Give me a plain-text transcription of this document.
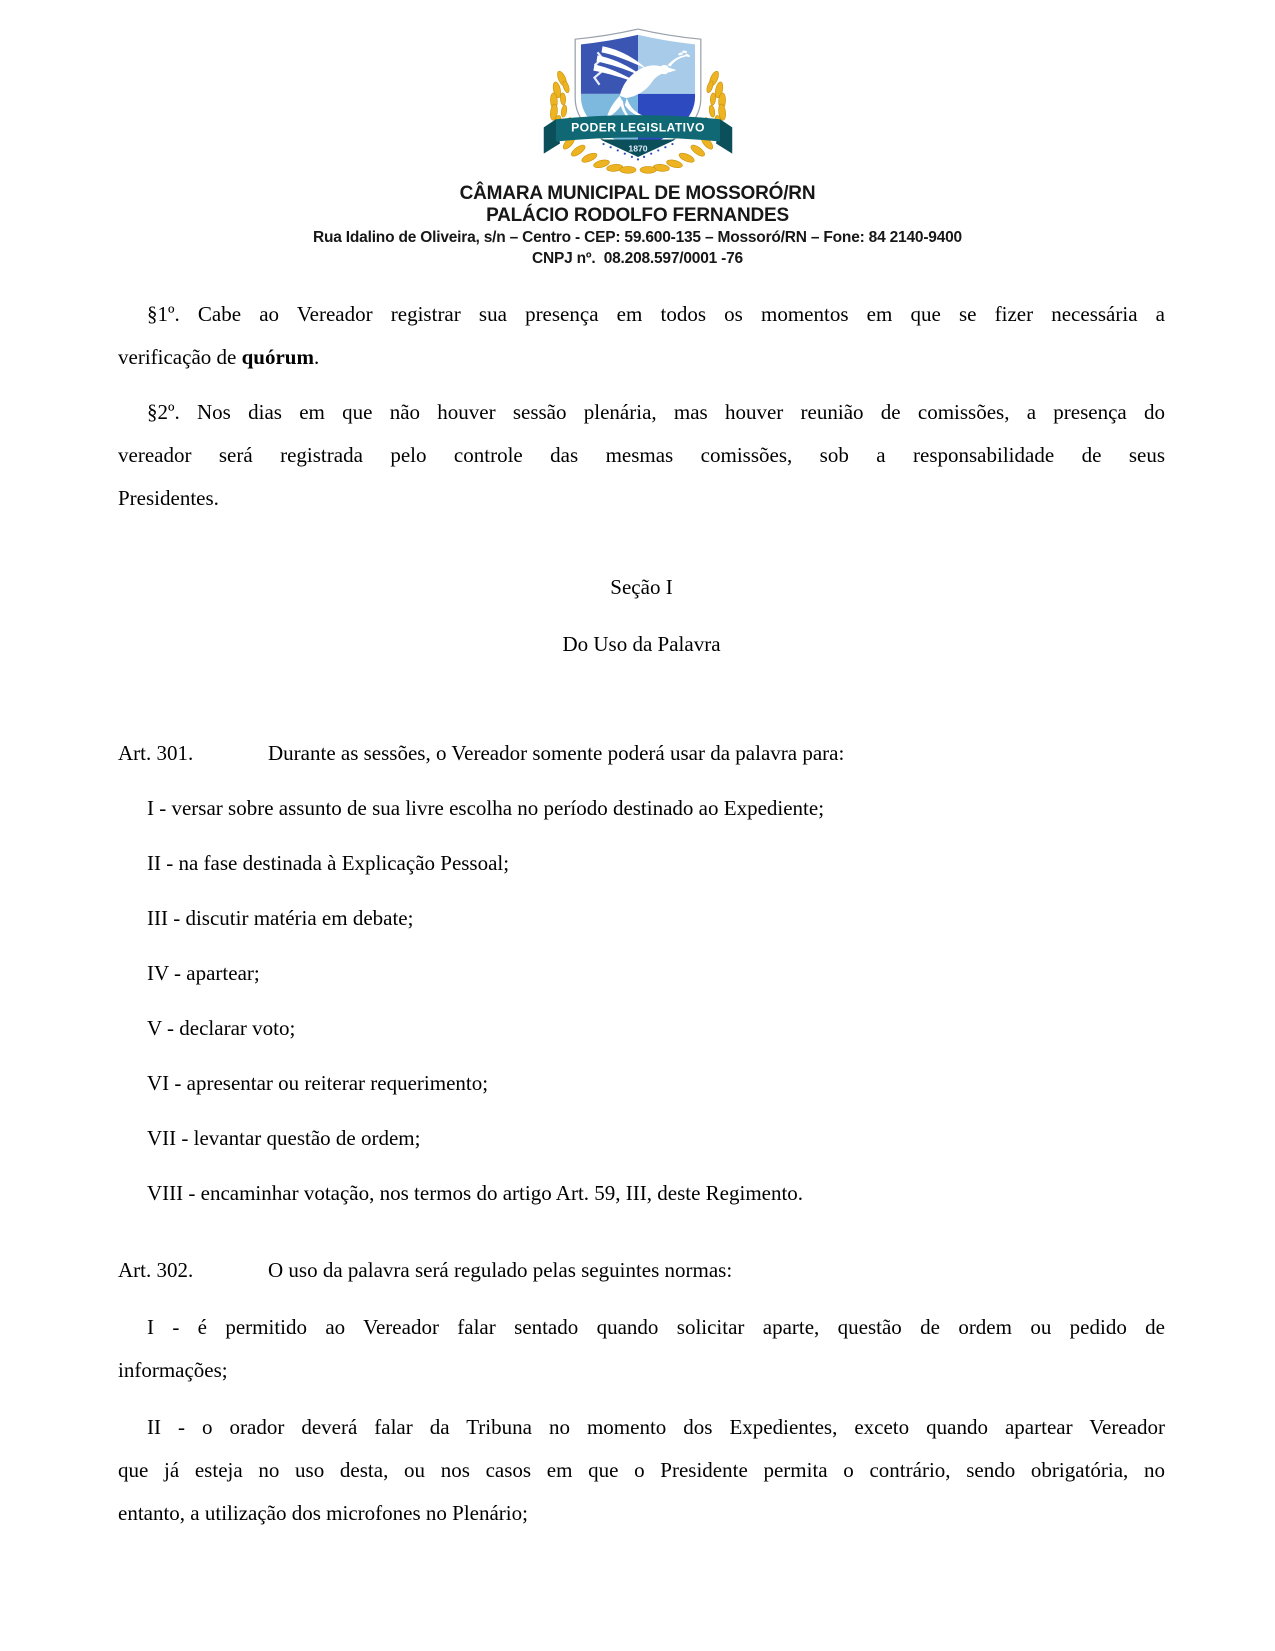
PODER LEGISLATIVO
1870
CÂMARA MUNICIPAL DE MOSSORÓ/RN
PALÁCIO RODOLFO FERNANDES
Rua Idalino de Oliveira, s/n – Centro - CEP: 59.600-135 – Mossoró/RN – Fone: 84 2140-9400
CNPJ nº.  08.208.597/0001 -76
§1º. Cabe ao Vereador registrar sua presença em todos os momentos em que se fizer necessária a
verificação de quórum.
§2º. Nos dias em que não houver sessão plenária, mas houver reunião de comissões, a presença do
vereador será registrada pelo controle das mesmas comissões, sob a responsabilidade de seus
Presidentes.
Seção I
Do Uso da Palavra
Art. 301.	Durante as sessões, o Vereador somente poderá usar da palavra para:
I - versar sobre assunto de sua livre escolha no período destinado ao Expediente;
II - na fase destinada à Explicação Pessoal;
III - discutir matéria em debate;
IV - apartear;
V - declarar voto;
VI - apresentar ou reiterar requerimento;
VII - levantar questão de ordem;
VIII - encaminhar votação, nos termos do artigo Art. 59, III, deste Regimento.
Art. 302.	O uso da palavra será regulado pelas seguintes normas:
I - é permitido ao Vereador falar sentado quando solicitar aparte, questão de ordem ou pedido de
informações;
II - o orador deverá falar da Tribuna no momento dos Expedientes, exceto quando apartear Vereador
que já esteja no uso desta, ou nos casos em que o Presidente permita o contrário, sendo obrigatória, no
entanto, a utilização dos microfones no Plenário;
